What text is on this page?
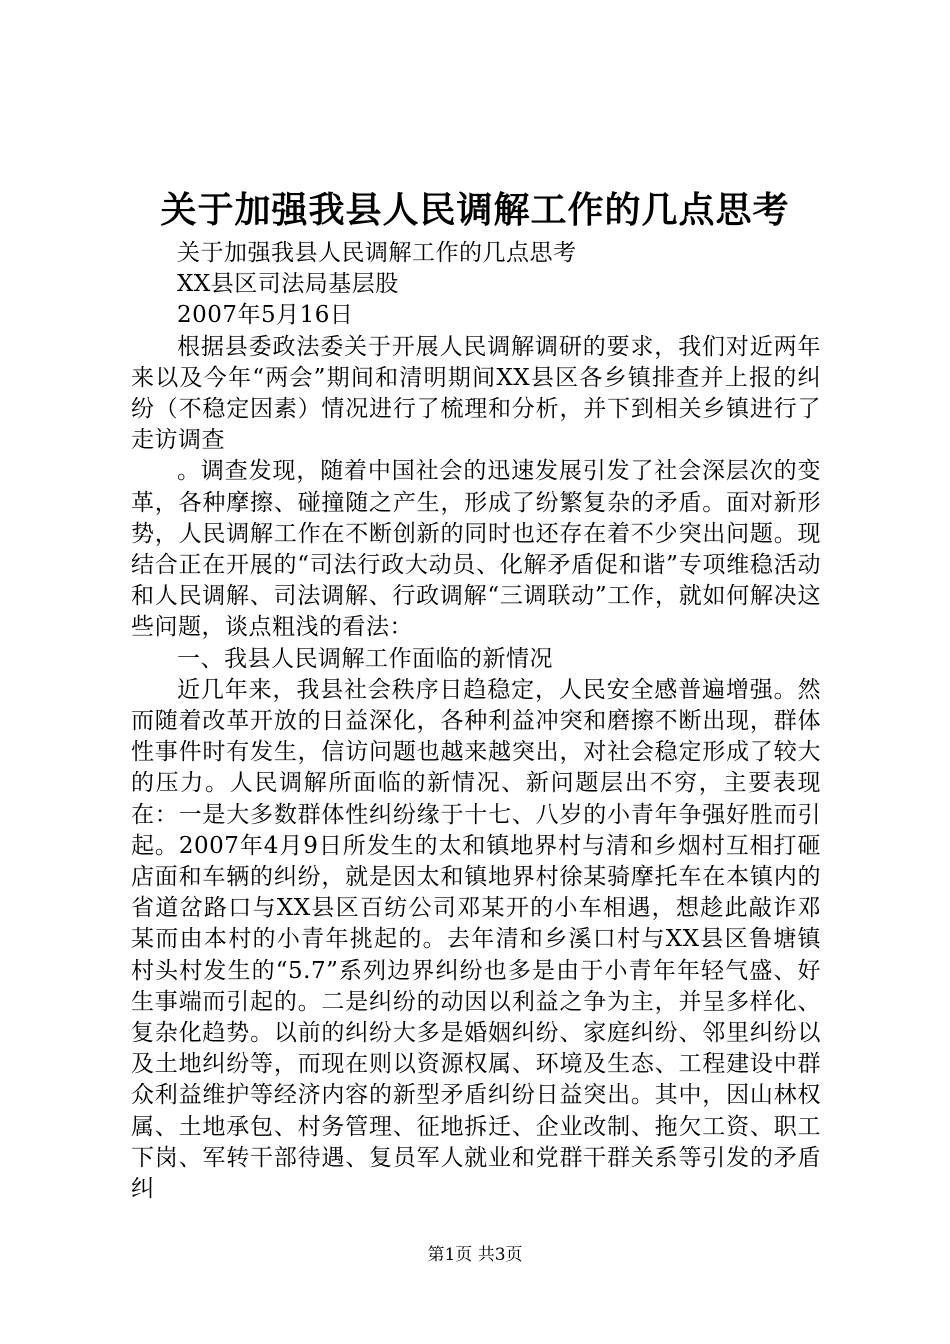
关于加强我县人民调解工作的几点思考
关于加强我县人民调解工作的几点思考
XX县区司法局基层股
2007年5月16日

根据县委政法委关于开展人民调解调研的要求，我们对近两年来以及今年“两会”期间和清明期间XX县区各乡镇排查并上报的纠纷（不稳定因素）情况进行了梳理和分析，并下到相关乡镇进行了走访调查

。调查发现，随着中国社会的迅速发展引发了社会深层次的变革，各种摩擦、碰撞随之产生，形成了纷繁复杂的矛盾。面对新形势，人民调解工作在不断创新的同时也还存在着不少突出问题。现结合正在开展的“司法行政大动员、化解矛盾促和谐”专项维稳活动和人民调解、司法调解、行政调解“三调联动”工作，就如何解决这些问题，谈点粗浅的看法：

一、我县人民调解工作面临的新情况

近几年来，我县社会秩序日趋稳定，人民安全感普遍增强。然而随着改革开放的日益深化，各种利益冲突和磨擦不断出现，群体性事件时有发生，信访问题也越来越突出，对社会稳定形成了较大的压力。人民调解所面临的新情况、新问题层出不穷，主要表现在：一是大多数群体性纠纷缘于十七、八岁的小青年争强好胜而引起。2007年4月9日所发生的太和镇地界村与清和乡烟村互相打砸店面和车辆的纠纷，就是因太和镇地界村徐某骑摩托车在本镇内的省道岔路口与XX县区百纺公司邓某开的小车相遇，想趁此敲诈邓某而由本村的小青年挑起的。去年清和乡溪口村与XX县区鲁塘镇村头村发生的“5.7”系列边界纠纷也多是由于小青年年轻气盛、好生事端而引起的。二是纠纷的动因以利益之争为主，并呈多样化、复杂化趋势。以前的纠纷大多是婚姻纠纷、家庭纠纷、邻里纠纷以及土地纠纷等，而现在则以资源权属、环境及生态、工程建设中群众利益维护等经济内容的新型矛盾纠纷日益突出。其中，因山林权属、土地承包、村务管理、征地拆迁、企业改制、拖欠工资、职工下岗、军转干部待遇、复员军人就业和党群干群关系等引发的矛盾纠

第1页 共3页
